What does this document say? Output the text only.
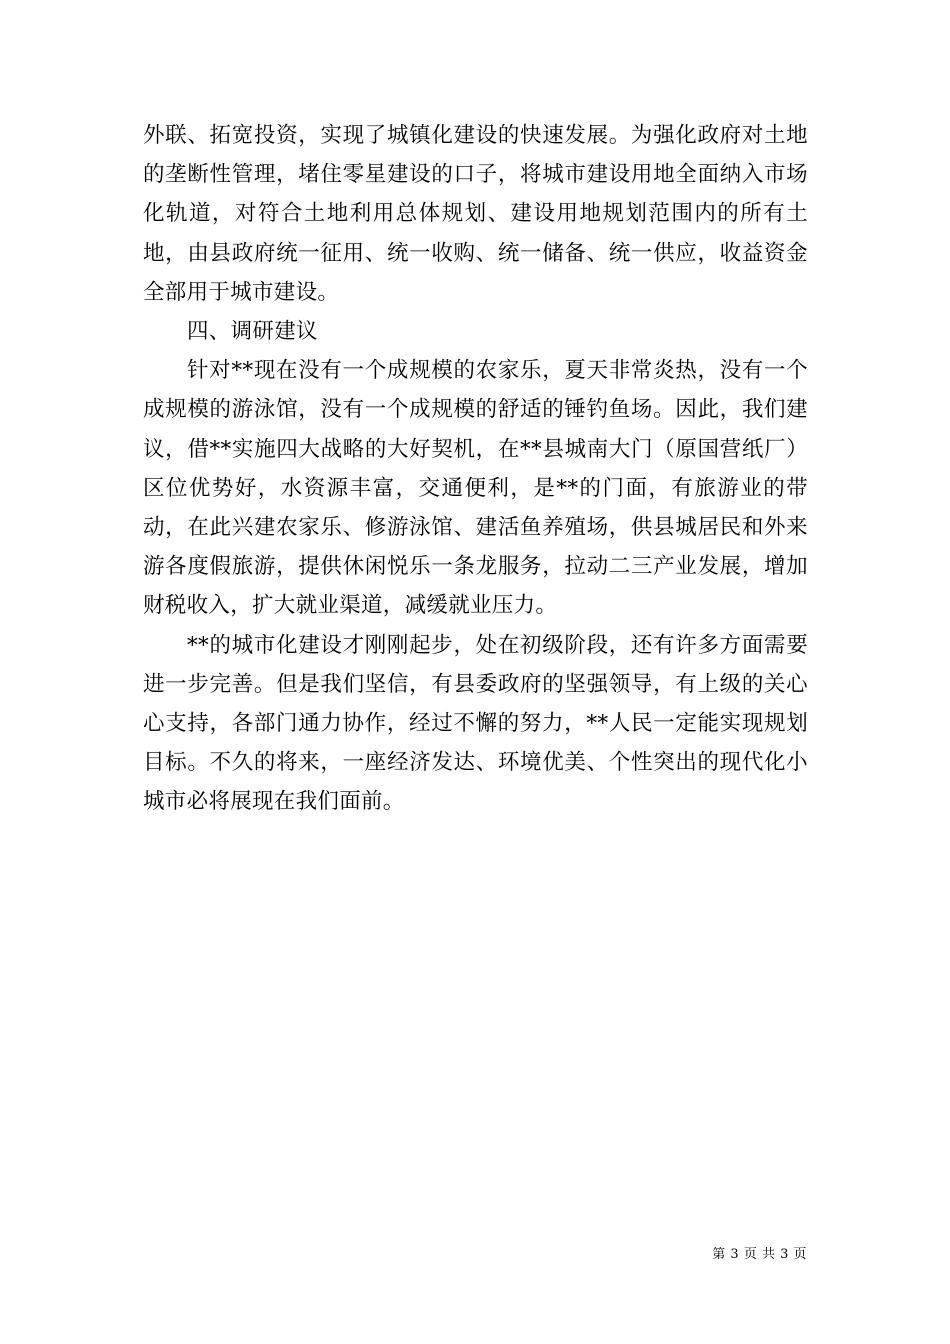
外联、拓宽投资，实现了城镇化建设的快速发展。为强化政府对土地的垄断性管理，堵住零星建设的口子，将城市建设用地全面纳入市场化轨道，对符合土地利用总体规划、建设用地规划范围内的所有土地，由县政府统一征用、统一收购、统一储备、统一供应，收益资金全部用于城市建设。

四、调研建议

针对**现在没有一个成规模的农家乐，夏天非常炎热，没有一个成规模的游泳馆，没有一个成规模的舒适的锤钓鱼场。因此，我们建议，借**实施四大战略的大好契机，在**县城南大门（原国营纸厂）区位优势好，水资源丰富，交通便利，是**的门面，有旅游业的带动，在此兴建农家乐、修游泳馆、建活鱼养殖场，供县城居民和外来游各度假旅游，提供休闲悦乐一条龙服务，拉动二三产业发展，增加财税收入，扩大就业渠道，减缓就业压力。

**的城市化建设才刚刚起步，处在初级阶段，还有许多方面需要进一步完善。但是我们坚信，有县委政府的坚强领导，有上级的关心心支持，各部门通力协作，经过不懈的努力，**人民一定能实现规划目标。不久的将来，一座经济发达、环境优美、个性突出的现代化小城市必将展现在我们面前。

第 3 页 共 3 页
